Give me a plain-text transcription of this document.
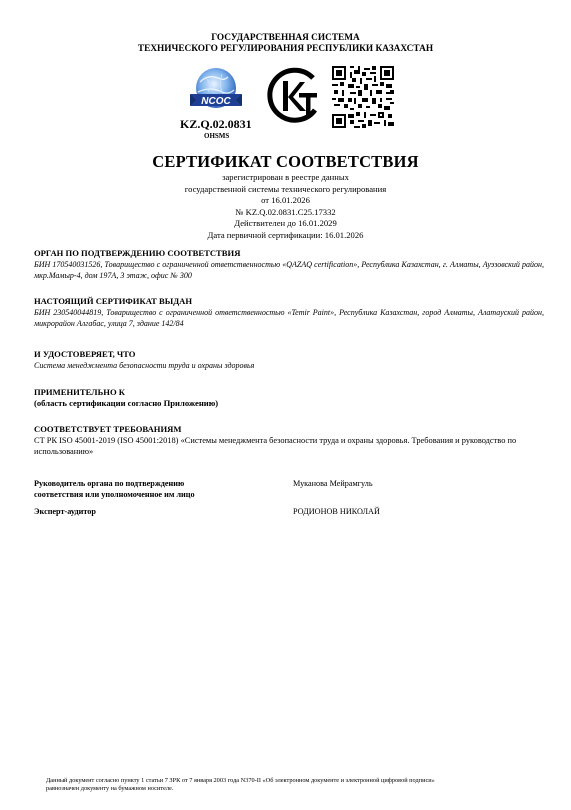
ГОСУДАРСТВЕННАЯ СИСТЕМА
ТЕХНИЧЕСКОГО РЕГУЛИРОВАНИЯ РЕСПУБЛИКИ КАЗАХСТАН
NCOC
KZ.Q.02.0831
OHSMS
СЕРТИФИКАТ СООТВЕТСТВИЯ
зарегистрирован в реестре данных
государственной системы технического регулирования
от 16.01.2026
№ KZ.Q.02.0831.C25.17332
Действителен до 16.01.2029
Дата первичной сертификации: 16.01.2026
ОРГАН ПО ПОДТВЕРЖДЕНИЮ СООТВЕТСТВИЯ
БИН 170540031526, Товарищество с ограниченной ответственностью «QAZAQ certification», Республика Казахстан, г. Алматы, Ауэзовский район, мкр.Мамыр-4, дом 197А, 3 этаж, офис № 300
НАСТОЯЩИЙ СЕРТИФИКАТ ВЫДАН
БИН 230540044819, Товарищество с ограниченной ответственностью «Temir Paint», Республика Казахстан, город Алматы, Алатауский район, микрорайон Алгабас, улица 7, здание 142/84
И УДОСТОВЕРЯЕТ, ЧТО
Система менеджмента безопасности труда и охраны здоровья
ПРИМЕНИТЕЛЬНО К
(область сертификации согласно Приложению)
СООТВЕТСТВУЕТ ТРЕБОВАНИЯМ
СТ РК ISO 45001-2019 (ISO 45001:2018) «Системы менеджмента безопасности труда и охраны здоровья. Требования и руководство по использованию»
Руководитель органа по подтверждению
соответствия или уполномоченное им лицо
Муканова Мейрамгуль
Эксперт-аудитор	РОДИОНОВ НИКОЛАЙ
Данный документ согласно пункту 1 статьи 7 ЗРК от 7 января 2003 года N370-II «Об электронном документе и электронной цифровой подписи»
равнозначен документу на бумажном носителе.
